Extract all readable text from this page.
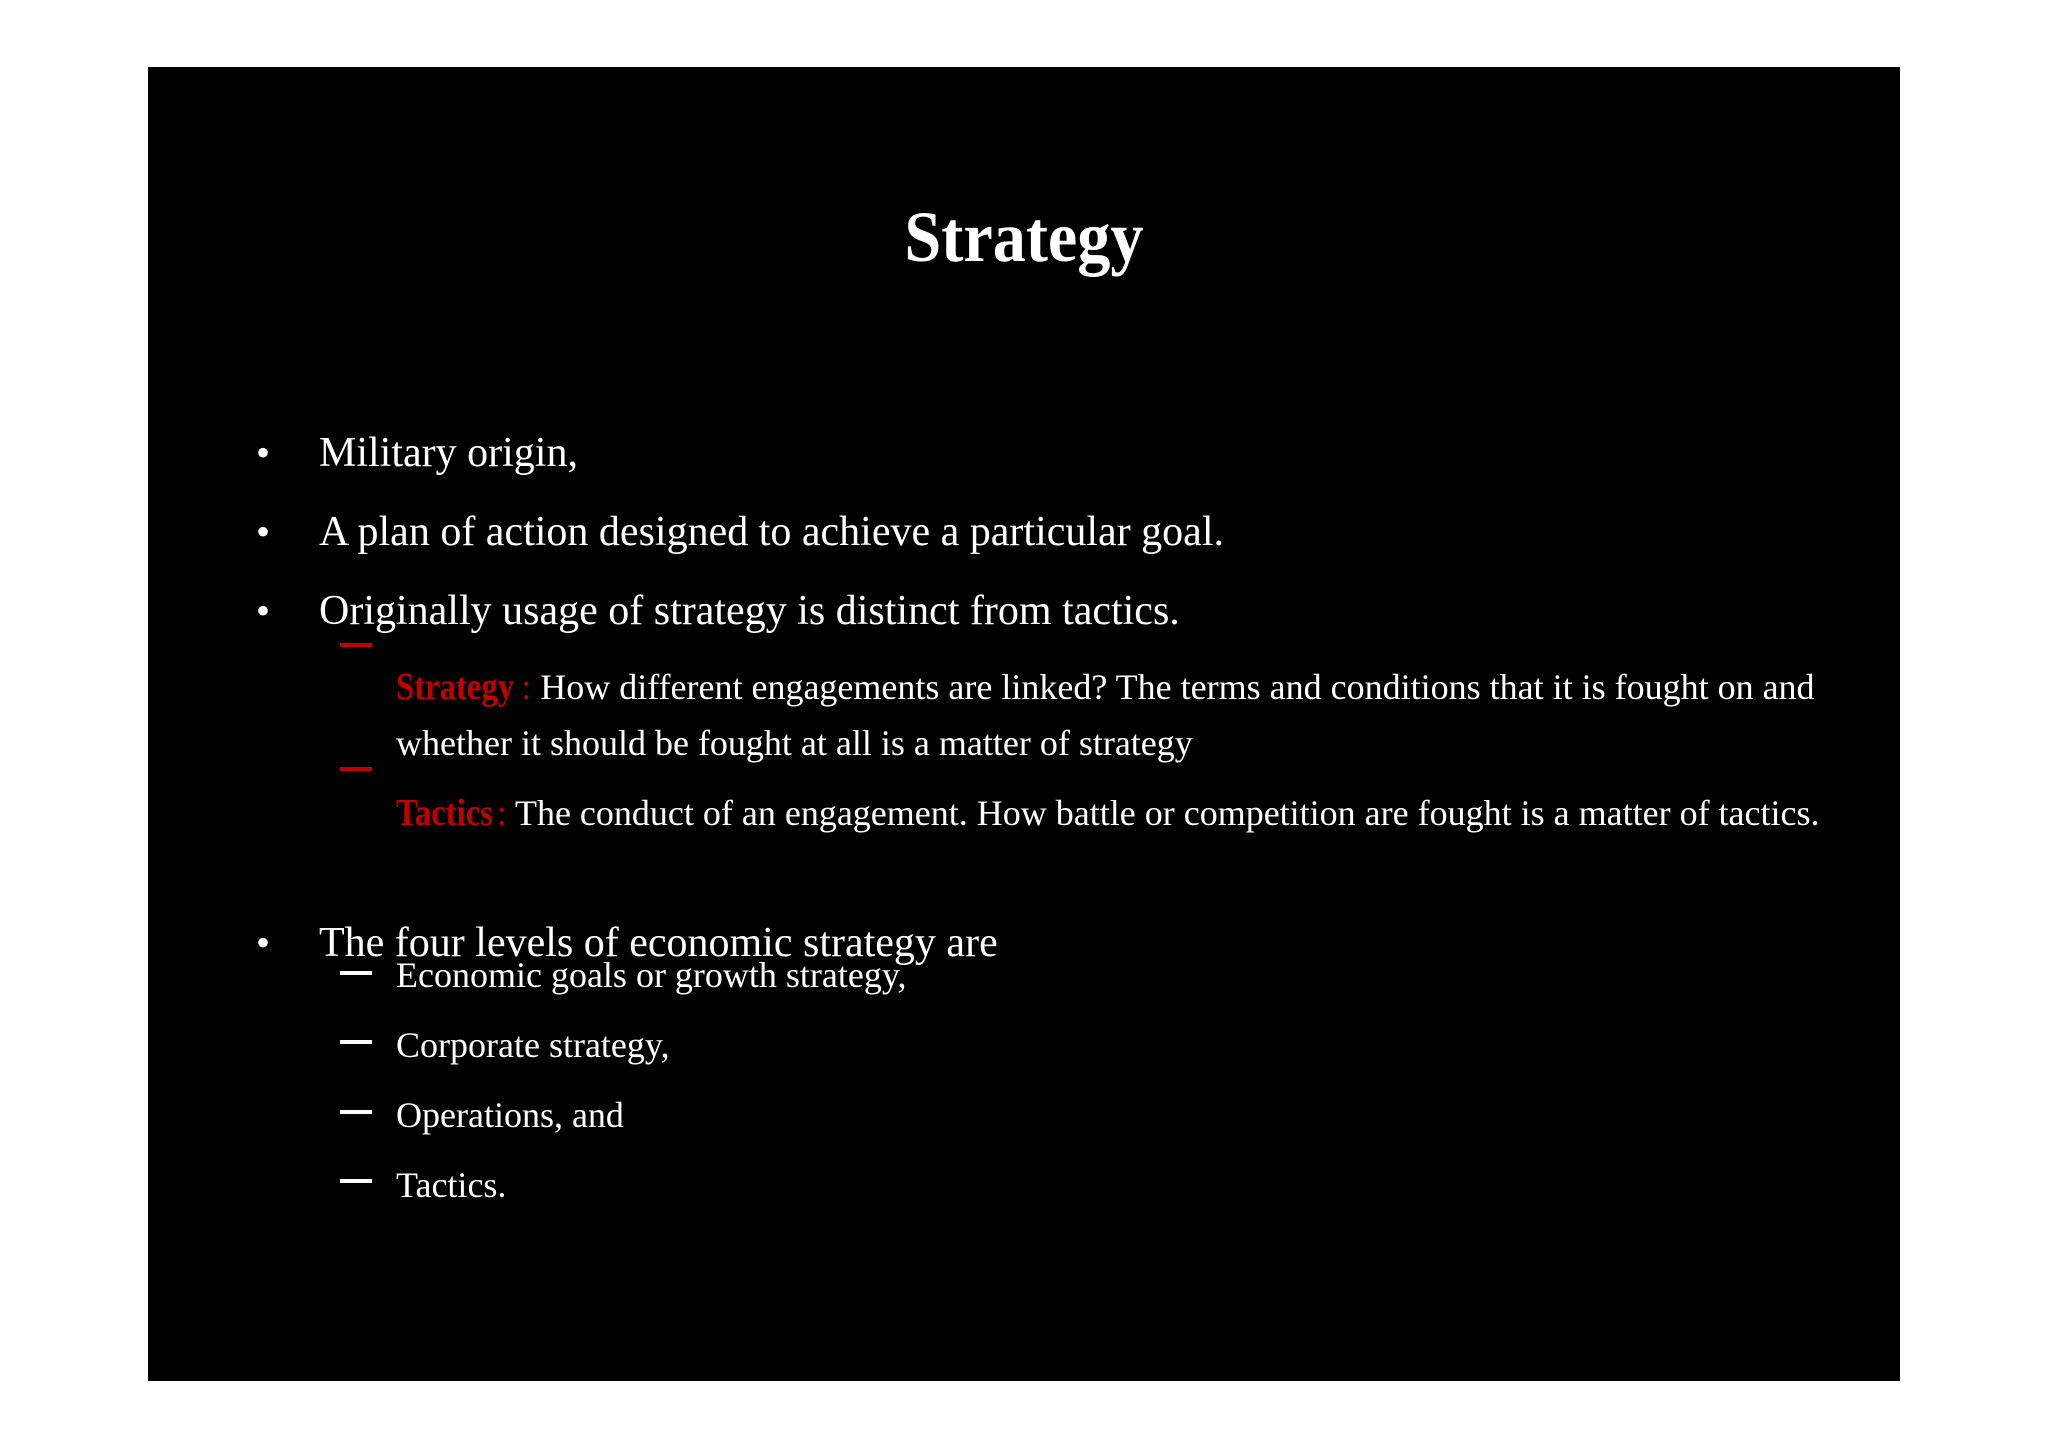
Strategy
• Military origin,
• A plan of action designed to achieve a particular goal.
• Originally usage of strategy is distinct from tactics.
Strategy : How different engagements are linked? The terms and conditions that it is fought on and whether it should be fought at all is a matter of strategy
Tactics : The conduct of an engagement. How battle or competition are fought is a matter of tactics.
• The four levels of economic strategy are
Economic goals or growth strategy,
Corporate strategy,
Operations, and
Tactics.
